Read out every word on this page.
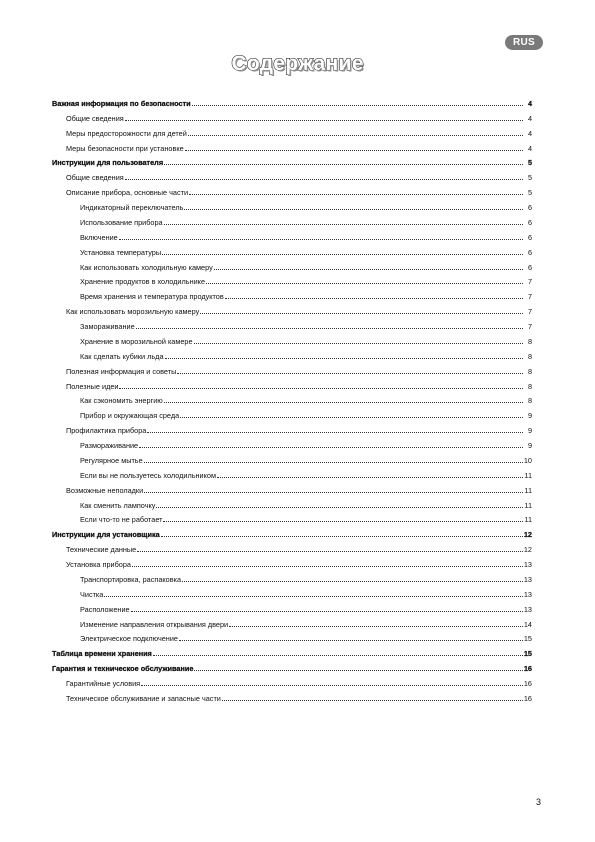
RUS
Содержание
Важная информация по безопасности	4
Общие сведения	4
Меры предосторожности для детей	4
Меры безопасности при установке	4
Инструкции для пользователя	5
Общие сведения	5
Описание прибора, основные части	5
Индикаторный переключатель	6
Использование прибора	6
Включение	6
Установка температуры	6
Как использовать холодильную камеру	6
Хранение продуктов в холодильнике	7
Время хранения и температура продуктов	7
Как использовать морозильную камеру	7
Замораживание	7
Хранение в морозильной камере	8
Как сделать кубики льда	8
Полезная информация и советы	8
Полезные идеи	8
Как сэкономить энергию	8
Прибор и окружающая среда	9
Профилактика прибора	9
Размораживание	9
Регулярное мытье	10
Если вы не пользуетесь холодильником	11
Возможные неполадки	11
Как сменить лампочку	11
Если что-то не работает	11
Инструкции для установщика	12
Технические данные	12
Установка прибора	13
Транспортировка, распаковка	13
Чистка	13
Расположение	13
Изменение направления открывания двери	14
Электрическое подключение	15
Таблица времени хранения	15
Гарантия и техническое обслуживание	16
Гарантийные условия	16
Техническое обслуживание и запасные части	16
3
